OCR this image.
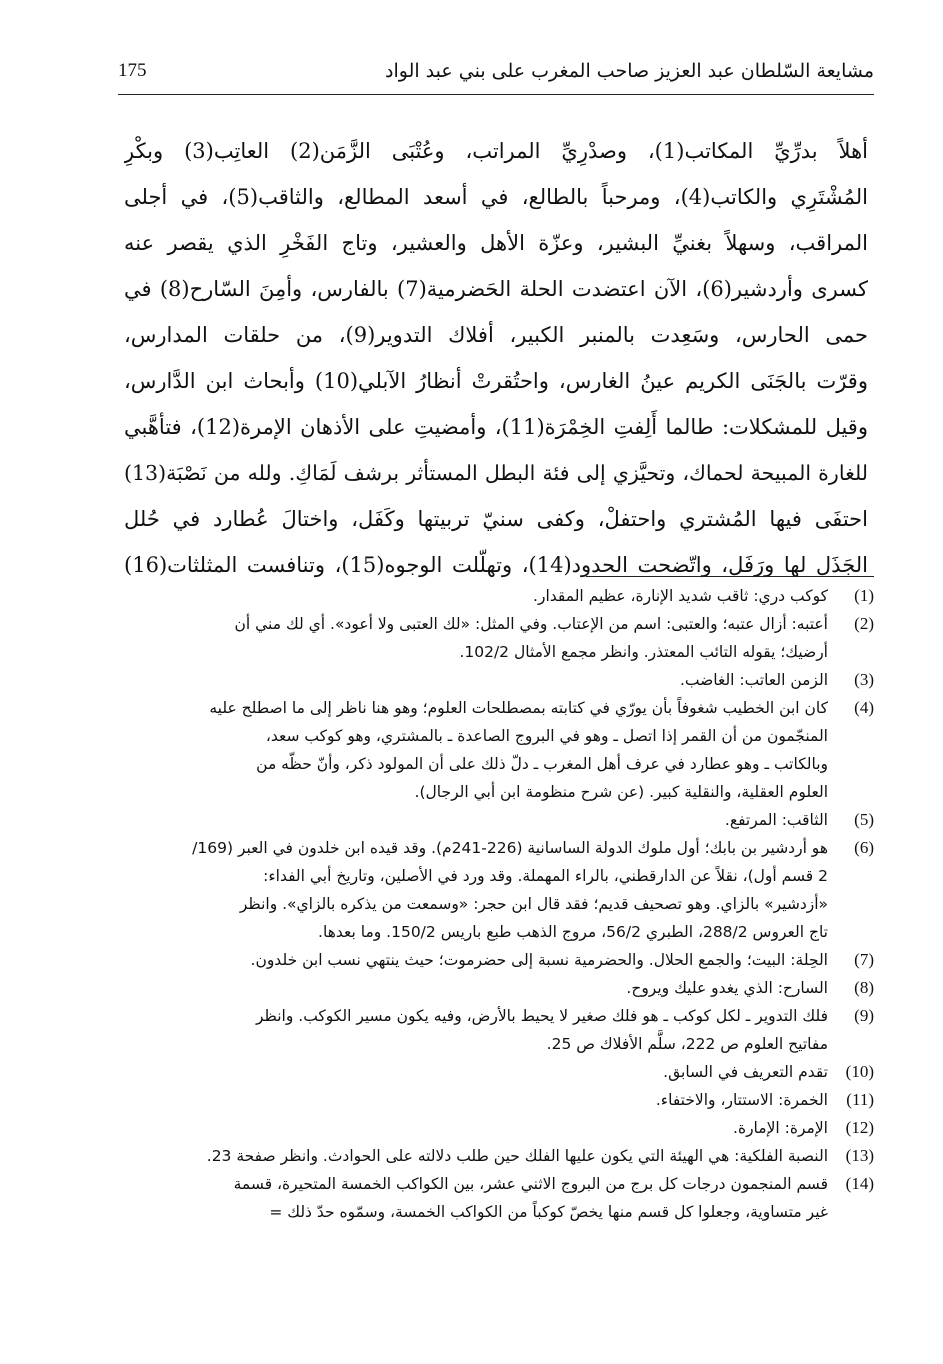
مشايعة السّلطان عبد العزيز صاحب المغرب على بني عبد الواد
175
أهلاً بدرِّيِّ المكاتب(1)، وصدْرِيِّ المراتب، وعُتْبَى الزَّمَن(2) العاتِب(3) وبكْرِ
المُشْتَرِي والكاتب(4)، ومرحباً بالطالع، في أسعد المطالع، والثاقب(5)، في أجلى
المراقب، وسهلاً بغنيِّ البشير، وعزّة الأهل والعشير، وتاج الفَخْرِ الذي يقصر عنه
كسرى وأردشير(6)، الآن اعتضدت الحلة الحَضرمية(7) بالفارس، وأمِنَ السّارح(8) في
حمى الحارس، وسَعِدت بالمنبر الكبير، أفلاك التدوير(9)، من حلقات المدارس،
وقرّت بالجَنَى الكريم عينُ الغارس، واحتُقرتْ أنظارُ الآبلي(10) وأبحاث ابن الدَّارس،
وقيل للمشكلات: طالما أَلِفتِ الخِمْرَة(11)، وأمضيتِ على الأذهان الإمرة(12)، فتأهَّبي
للغارة المبيحة لحماك، وتحيَّزي إلى فئة البطل المستأثر برشف لَمَاكِ. ولله من نَصْبَة(13)
احتفَى فيها المُشتري واحتفلْ، وكفى سنيّ تربيتها وكَفَل، واختالَ عُطارد في حُلل
الجَذَل لها ورَفَل، واتّضحت الحدود(14)، وتهلّلت الوجوه(15)، وتنافست المثلثات(16)
(1)
كوكب دري: ثاقب شديد الإنارة، عظيم المقدار.
(2)
أعتبه: أزال عتبه؛ والعتبى: اسم من الإعتاب. وفي المثل: «لك العتبى ولا أعود». أي لك مني أن
أرضيك؛ يقوله التائب المعتذر. وانظر مجمع الأمثال 102/2.
(3)
الزمن العاتب: الغاضب.
(4)
كان ابن الخطيب شغوفاً بأن يورّي في كتابته بمصطلحات العلوم؛ وهو هنا ناظر إلى ما اصطلح عليه
المنجّمون من أن القمر إذا اتصل ـ وهو في البروج الصاعدة ـ بالمشتري، وهو كوكب سعد،
وبالكاتب ـ وهو عطارد في عرف أهل المغرب ـ دلّ ذلك على أن المولود ذكر، وأنّ حظّه من
العلوم العقلية، والنقلية كبير. (عن شرح منظومة ابن أبي الرجال).
(5)
الثاقب: المرتفع.
(6)
هو أردشير بن بابك؛ أول ملوك الدولة الساسانية (226-241م). وقد قيده ابن خلدون في العبر (169/
2 قسم أول)، نقلاً عن الدارقطني، بالراء المهملة. وقد ورد في الأصلين، وتاريخ أبي الفداء:
«أزدشير» بالزاي. وهو تصحيف قديم؛ فقد قال ابن حجر: «وسمعت من يذكره بالزاي». وانظر
تاج العروس 288/2، الطبري 56/2، مروج الذهب طبع باريس 150/2. وما بعدها.
(7)
الحِلة: البيت؛ والجمع الحلال. والحضرمية نسبة إلى حضرموت؛ حيث ينتهي نسب ابن خلدون.
(8)
السارح: الذي يغدو عليك ويروح.
(9)
فلك التدوير ـ لكل كوكب ـ هو فلك صغير لا يحيط بالأرض، وفيه يكون مسير الكوكب. وانظر
مفاتيح العلوم ص 222، سلَّم الأفلاك ص 25.
(10)
تقدم التعريف في السابق.
(11)
الخمرة: الاستتار، والاختفاء.
(12)
الإمرة: الإمارة.
(13)
النصبة الفلكية: هي الهيئة التي يكون عليها الفلك حين طلب دلالته على الحوادث. وانظر صفحة 23.
(14)
قسم المنجمون درجات كل برج من البروج الاثني عشر، بين الكواكب الخمسة المتحيرة، قسمة
غير متساوية، وجعلوا كل قسم منها يخصّ كوكباً من الكواكب الخمسة، وسمّوه حدّ ذلك =
